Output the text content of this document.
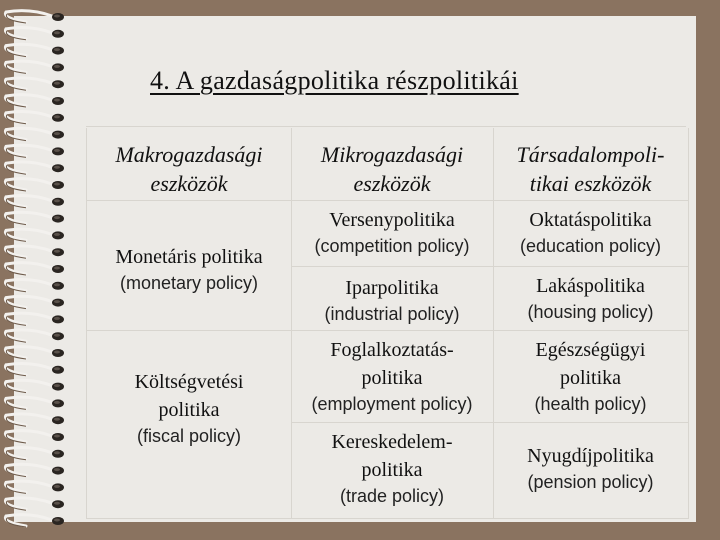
4. A gazdaságpolitika részpolitikái
Makrogazdasági
eszközök
Mikrogazdasági
eszközök
Társadalompoli-
tikai eszközök
Monetáris politika
(monetary policy)
Költségvetési
politika
(fiscal policy)
Versenypolitika
(competition policy)
Iparpolitika
(industrial policy)
Foglalkoztatás-
politika
(employment policy)
Kereskedelem-
politika
(trade policy)
Oktatáspolitika
(education policy)
Lakáspolitika
(housing policy)
Egészségügyi
politika
(health policy)
Nyugdíjpolitika
(pension policy)
